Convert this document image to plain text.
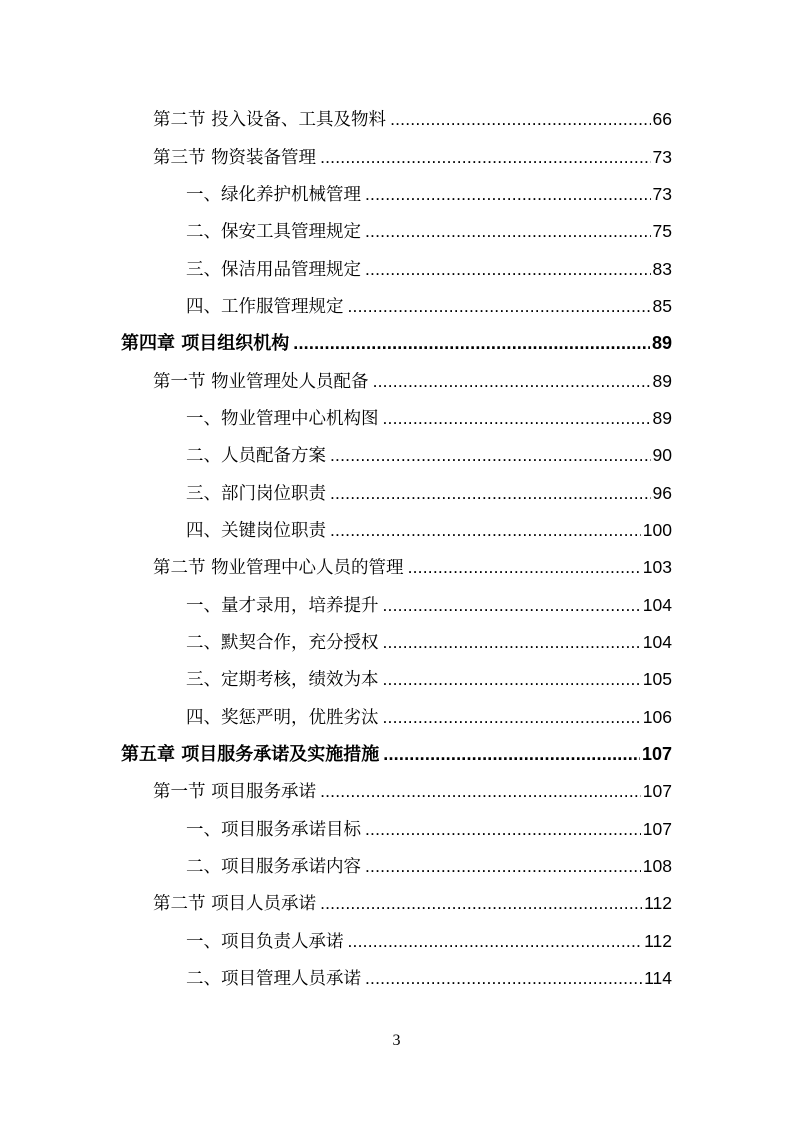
第二节 投入设备、工具及物料 .....	66
第三节 物资装备管理 .....	73
一、绿化养护机械管理 .....	73
二、保安工具管理规定 .....	75
三、保洁用品管理规定 .....	83
四、工作服管理规定 .....	85
第四章 项目组织机构 .....	89
第一节 物业管理处人员配备 .....	89
一、物业管理中心机构图 .....	89
二、人员配备方案 .....	90
三、部门岗位职责 .....	96
四、关键岗位职责 .....	100
第二节 物业管理中心人员的管理 .....	103
一、量才录用，培养提升 .....	104
二、默契合作，充分授权 .....	104
三、定期考核，绩效为本 .....	105
四、奖惩严明，优胜劣汰 .....	106
第五章 项目服务承诺及实施措施 .....	107
第一节 项目服务承诺 .....	107
一、项目服务承诺目标 .....	107
二、项目服务承诺内容 .....	108
第二节 项目人员承诺 .....	112
一、项目负责人承诺 .....	112
二、项目管理人员承诺 .....	114
3
